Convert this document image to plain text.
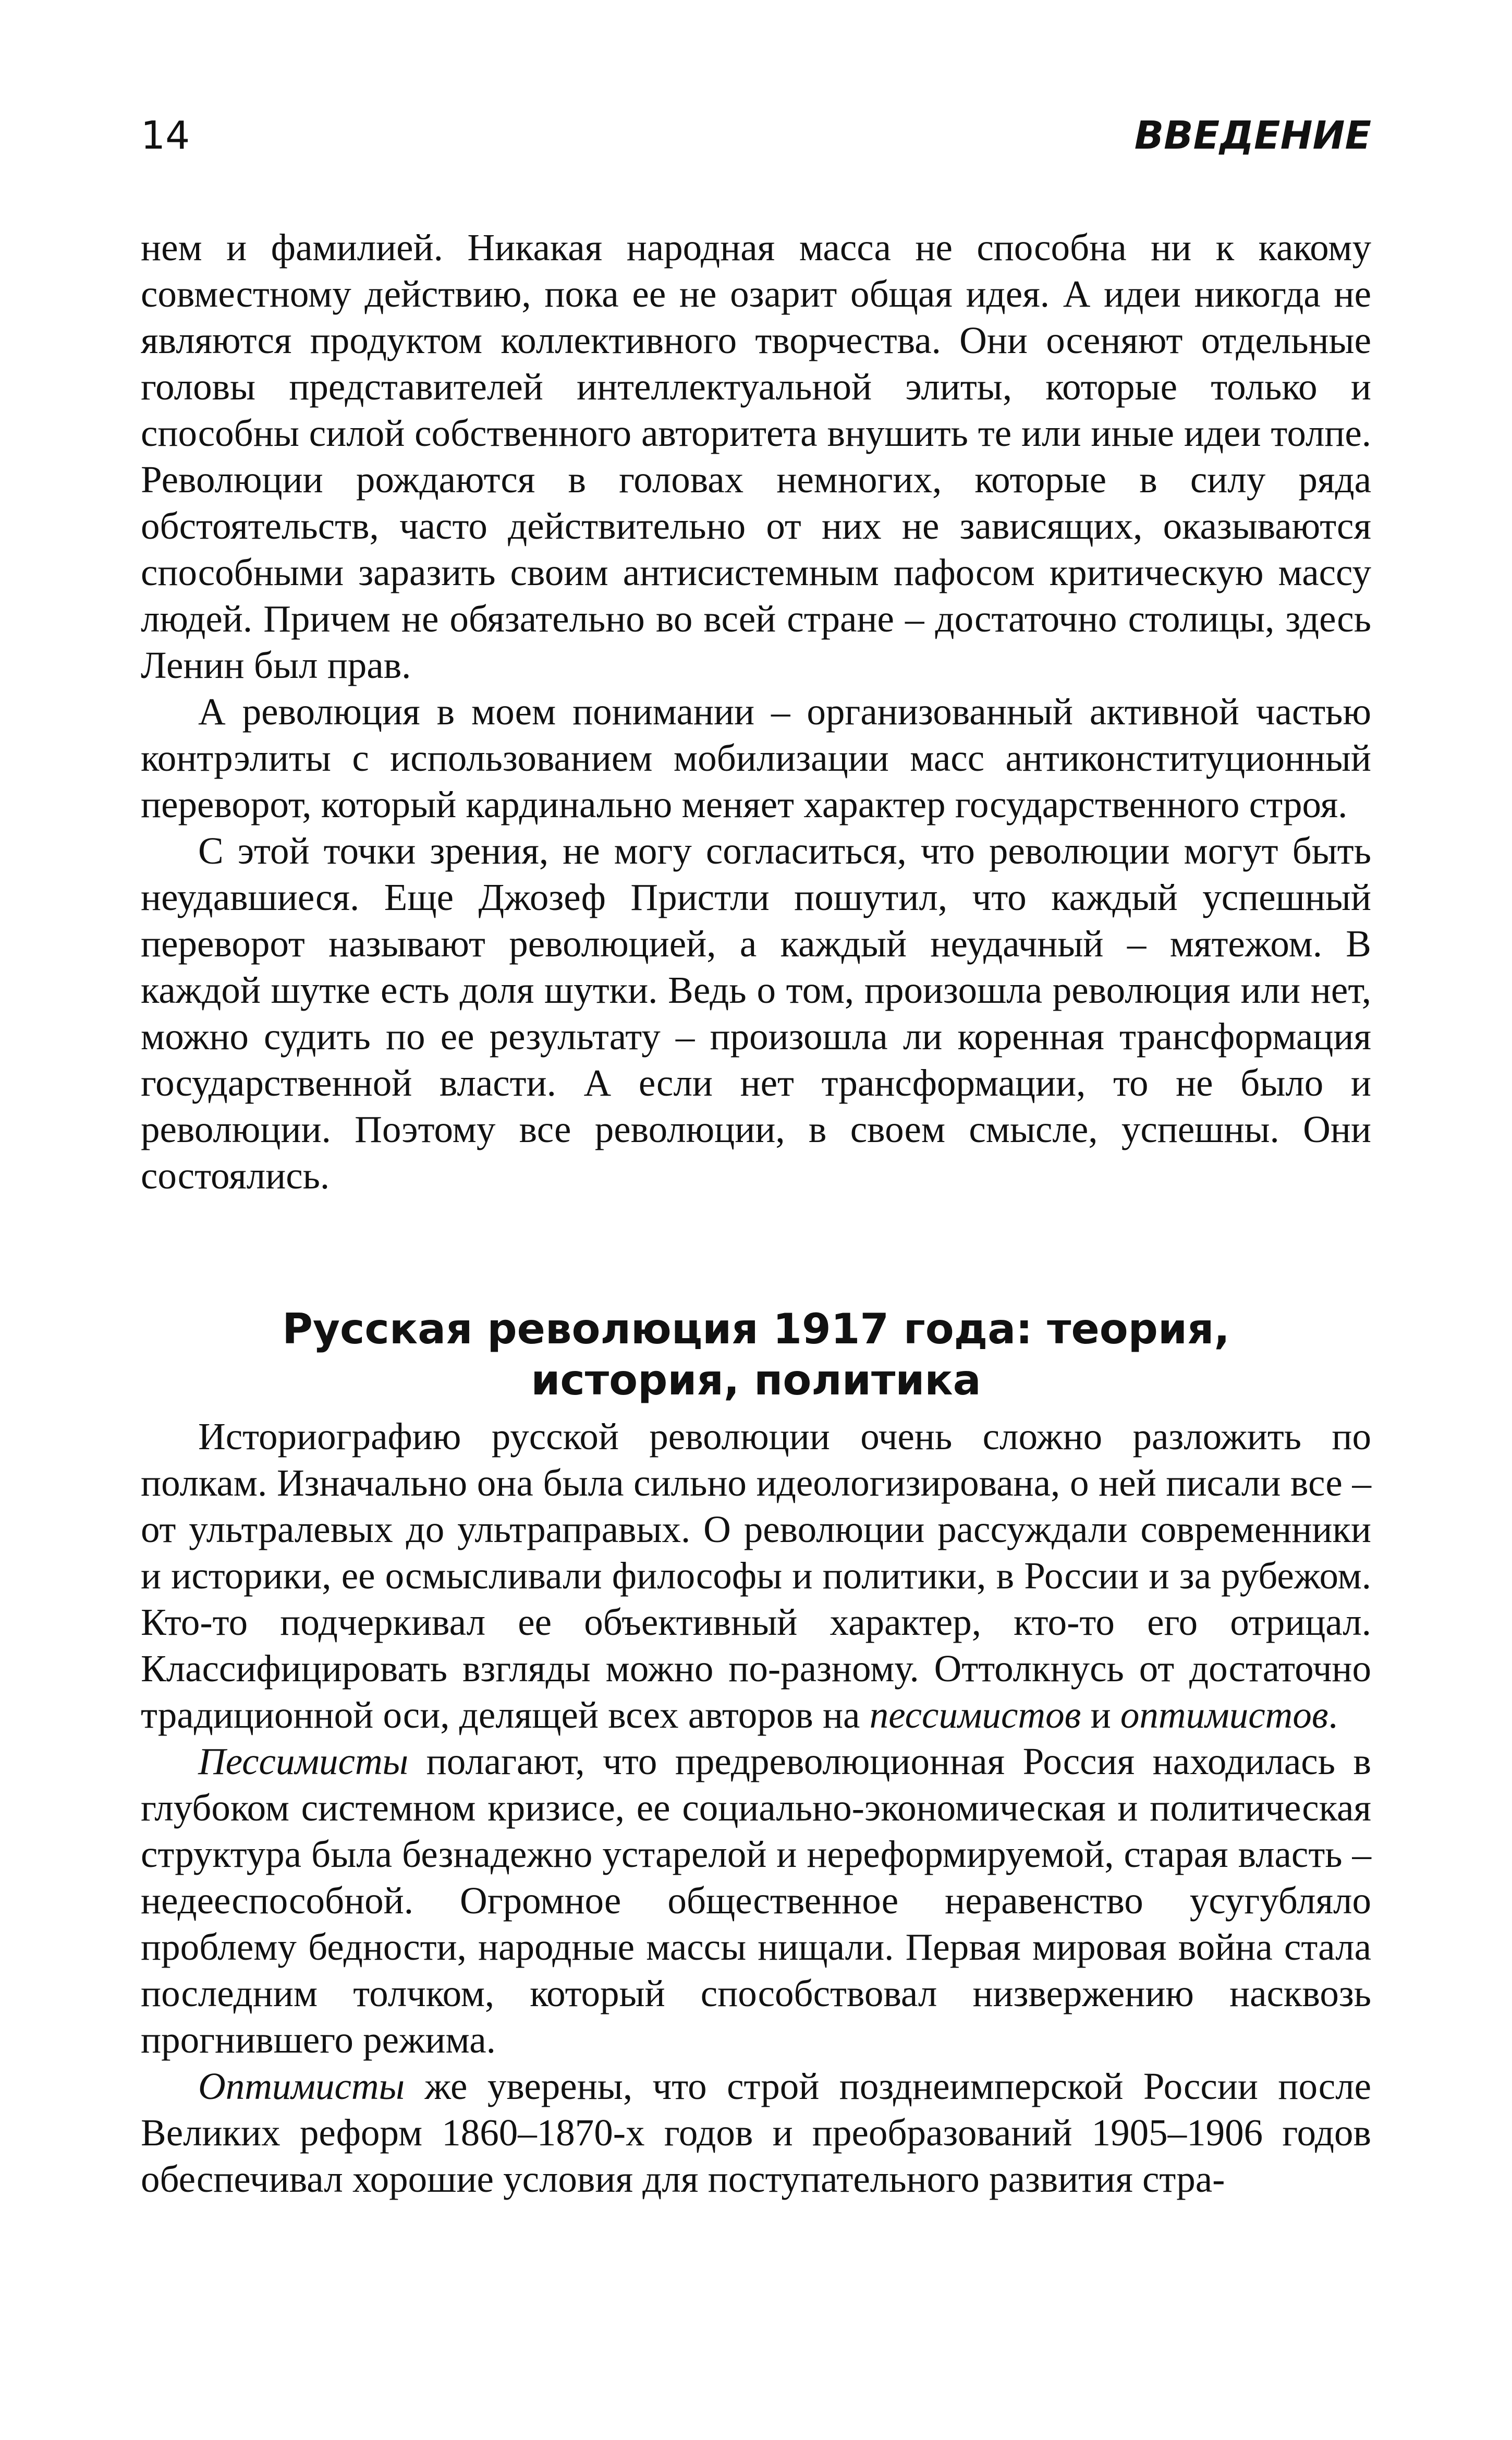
14	ВВЕДЕНИЕ

нем и фамилией. Никакая народная масса не способна ни к какому совместному действию, пока ее не озарит общая идея. А идеи никогда не являются продуктом коллективного творчества. Они осеняют отдельные головы представителей интеллектуальной элиты, которые только и способны силой собственного авторитета внушить те или иные идеи толпе. Революции рождаются в головах немногих, которые в силу ряда обстоятельств, часто действительно от них не зависящих, оказываются способными заразить своим антисистемным пафосом критическую массу людей. Причем не обязательно во всей стране – достаточно столицы, здесь Ленин был прав.

А революция в моем понимании – организованный активной частью контрэлиты с использованием мобилизации масс антиконституционный переворот, который кардинально меняет характер государственного строя.

С этой точки зрения, не могу согласиться, что революции могут быть неудавшиеся. Еще Джозеф Пристли пошутил, что каждый успешный переворот называют революцией, а каждый неудачный – мятежом. В каждой шутке есть доля шутки. Ведь о том, произошла революция или нет, можно судить по ее результату – произошла ли коренная трансформация государственной власти. А если нет трансформации, то не было и революции. Поэтому все революции, в своем смысле, успешны. Они состоялись.

Русская революция 1917 года: теория,
история, политика

Историографию русской революции очень сложно разложить по полкам. Изначально она была сильно идеологизирована, о ней писали все – от ультралевых до ультраправых. О революции рассуждали современники и историки, ее осмысливали философы и политики, в России и за рубежом. Кто-то подчеркивал ее объективный характер, кто-то его отрицал. Классифицировать взгляды можно по-разному. Оттолкнусь от достаточно традиционной оси, делящей всех авторов на пессимистов и оптимистов.

Пессимисты полагают, что предреволюционная Россия находилась в глубоком системном кризисе, ее социально-экономическая и политическая структура была безнадежно устарелой и нереформируемой, старая власть – недееспособной. Огромное общественное неравенство усугубляло проблему бедности, народные массы нищали. Первая мировая война стала последним толчком, который способствовал низвержению насквозь прогнившего режима.

Оптимисты же уверены, что строй позднеимперской России после Великих реформ 1860–1870-х годов и преобразований 1905–1906 годов обеспечивал хорошие условия для поступательного развития стра-
